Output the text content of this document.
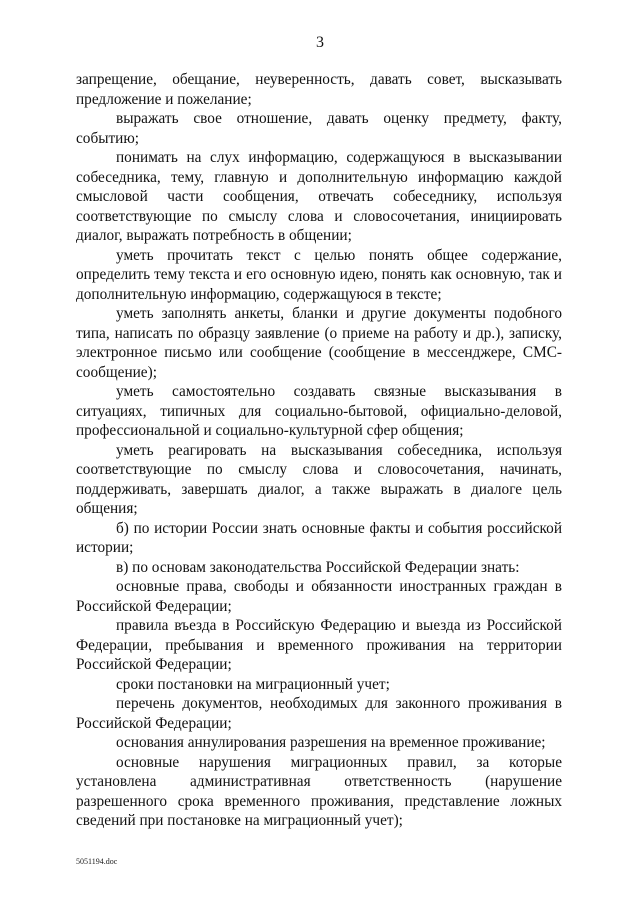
3

запрещение, обещание, неуверенность, давать совет, высказывать предложение и пожелание;

выражать свое отношение, давать оценку предмету, факту, событию;

понимать на слух информацию, содержащуюся в высказывании собеседника, тему, главную и дополнительную информацию каждой смысловой части сообщения, отвечать собеседнику, используя соответствующие по смыслу слова и словосочетания, инициировать диалог, выражать потребность в общении;

уметь прочитать текст с целью понять общее содержание, определить тему текста и его основную идею, понять как основную, так и дополнительную информацию, содержащуюся в тексте;

уметь заполнять анкеты, бланки и другие документы подобного типа, написать по образцу заявление (о приеме на работу и др.), записку, электронное письмо или сообщение (сообщение в мессенджере, СМС-сообщение);

уметь самостоятельно создавать связные высказывания в ситуациях, типичных для социально-бытовой, официально-деловой, профессиональной и социально-культурной сфер общения;

уметь реагировать на высказывания собеседника, используя соответствующие по смыслу слова и словосочетания, начинать, поддерживать, завершать диалог, а также выражать в диалоге цель общения;

б) по истории России знать основные факты и события российской истории;

в) по основам законодательства Российской Федерации знать:

основные права, свободы и обязанности иностранных граждан в Российской Федерации;

правила въезда в Российскую Федерацию и выезда из Российской Федерации, пребывания и временного проживания на территории Российской Федерации;

сроки постановки на миграционный учет;

перечень документов, необходимых для законного проживания в Российской Федерации;

основания аннулирования разрешения на временное проживание;

основные нарушения миграционных правил, за которые установлена административная ответственность (нарушение разрешенного срока временного проживания, представление ложных сведений при постановке на миграционный учет);

5051194.doc
